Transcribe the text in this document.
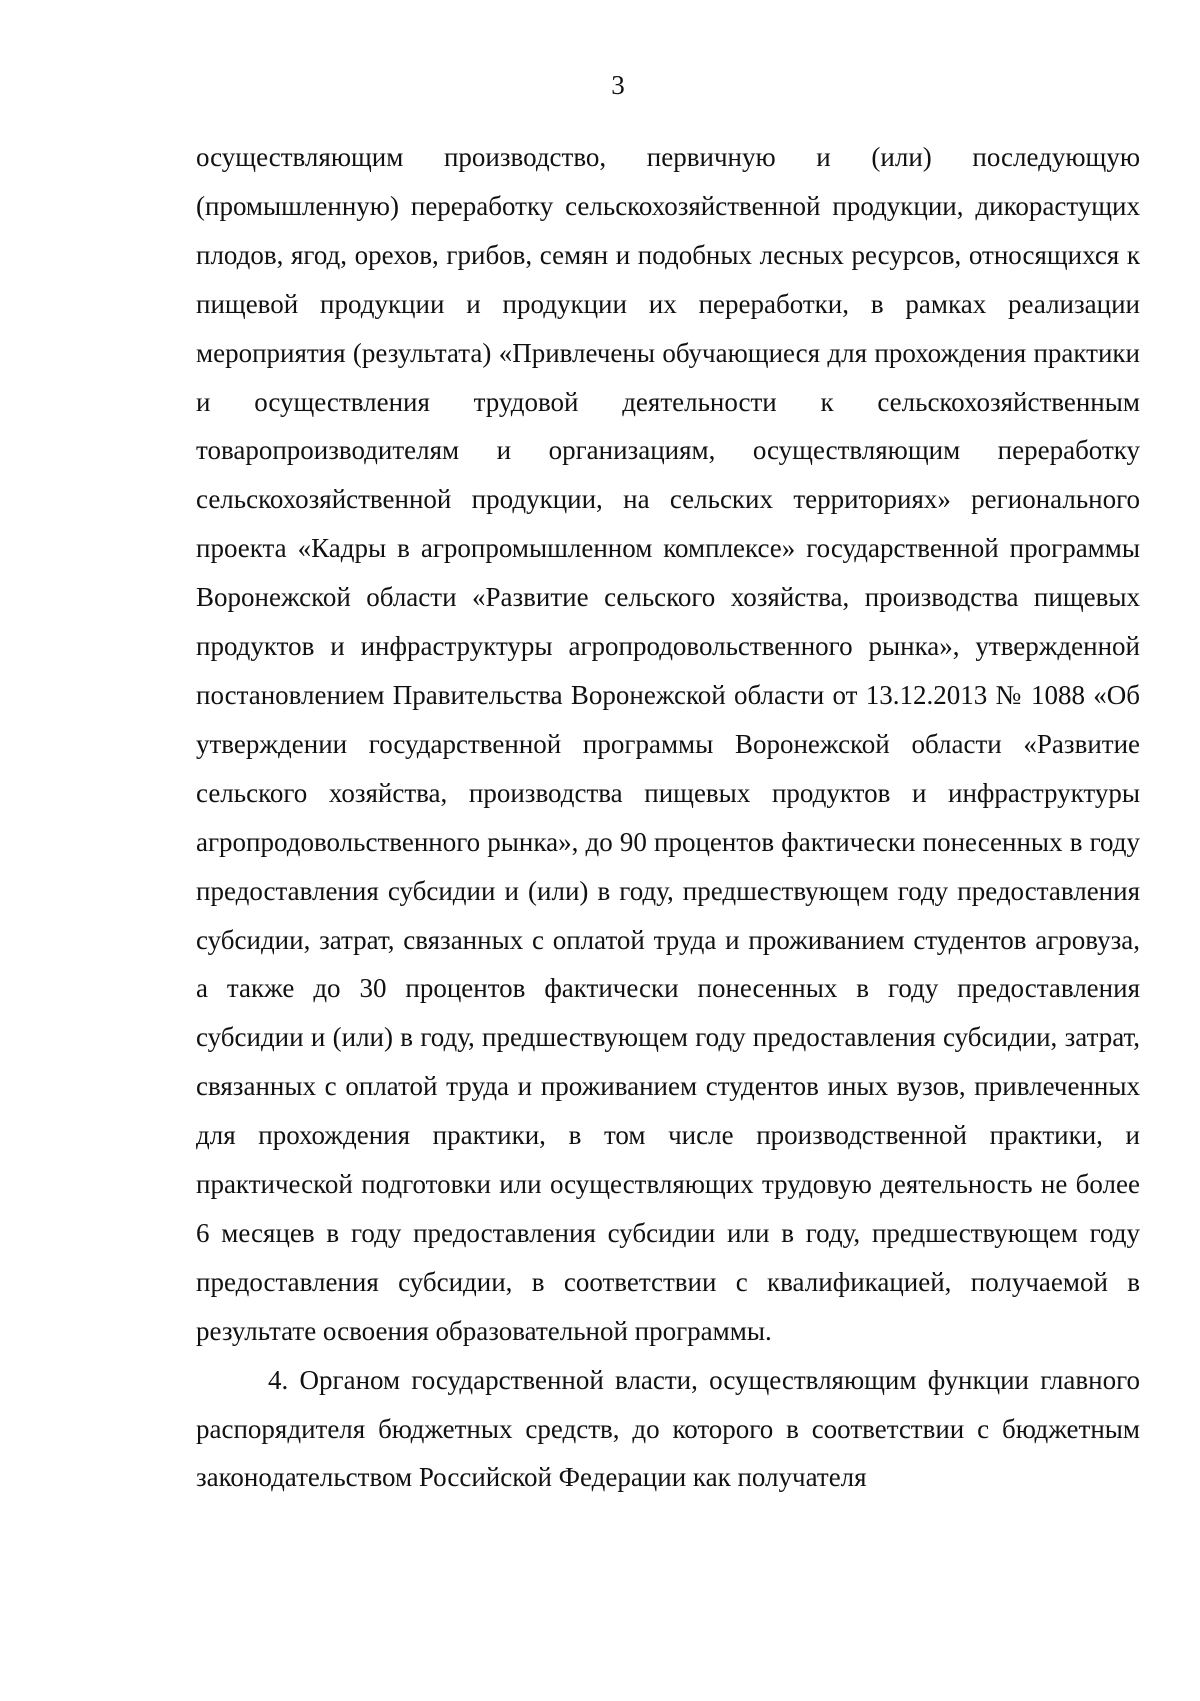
3

осуществляющим производство, первичную и (или) последующую (промышленную) переработку сельскохозяйственной продукции, дикорастущих плодов, ягод, орехов, грибов, семян и подобных лесных ресурсов, относящихся к пищевой продукции и продукции их переработки, в рамках реализации мероприятия (результата) «Привлечены обучающиеся для прохождения практики и осуществления трудовой деятельности к сельскохозяйственным товаропроизводителям и организациям, осуществляющим переработку сельскохозяйственной продукции, на сельских территориях» регионального проекта «Кадры в агропромышленном комплексе» государственной программы Воронежской области «Развитие сельского хозяйства, производства пищевых продуктов и инфраструктуры агропродовольственного рынка», утвержденной постановлением Правительства Воронежской области от 13.12.2013 № 1088 «Об утверждении государственной программы Воронежской области «Развитие сельского хозяйства, производства пищевых продуктов и инфраструктуры агропродовольственного рынка», до 90 процентов фактически понесенных в году предоставления субсидии и (или) в году, предшествующем году предоставления субсидии, затрат, связанных с оплатой труда и проживанием студентов агровуза, а также до 30 процентов фактически понесенных в году предоставления субсидии и (или) в году, предшествующем году предоставления субсидии, затрат, связанных с оплатой труда и проживанием студентов иных вузов, привлеченных для прохождения практики, в том числе производственной практики, и практической подготовки или осуществляющих трудовую деятельность не более 6 месяцев в году предоставления субсидии или в году, предшествующем году предоставления субсидии, в соответствии с квалификацией, получаемой в результате освоения образовательной программы.

4. Органом государственной власти, осуществляющим функции главного распорядителя бюджетных средств, до которого в соответствии с бюджетным законодательством Российской Федерации как получателя
